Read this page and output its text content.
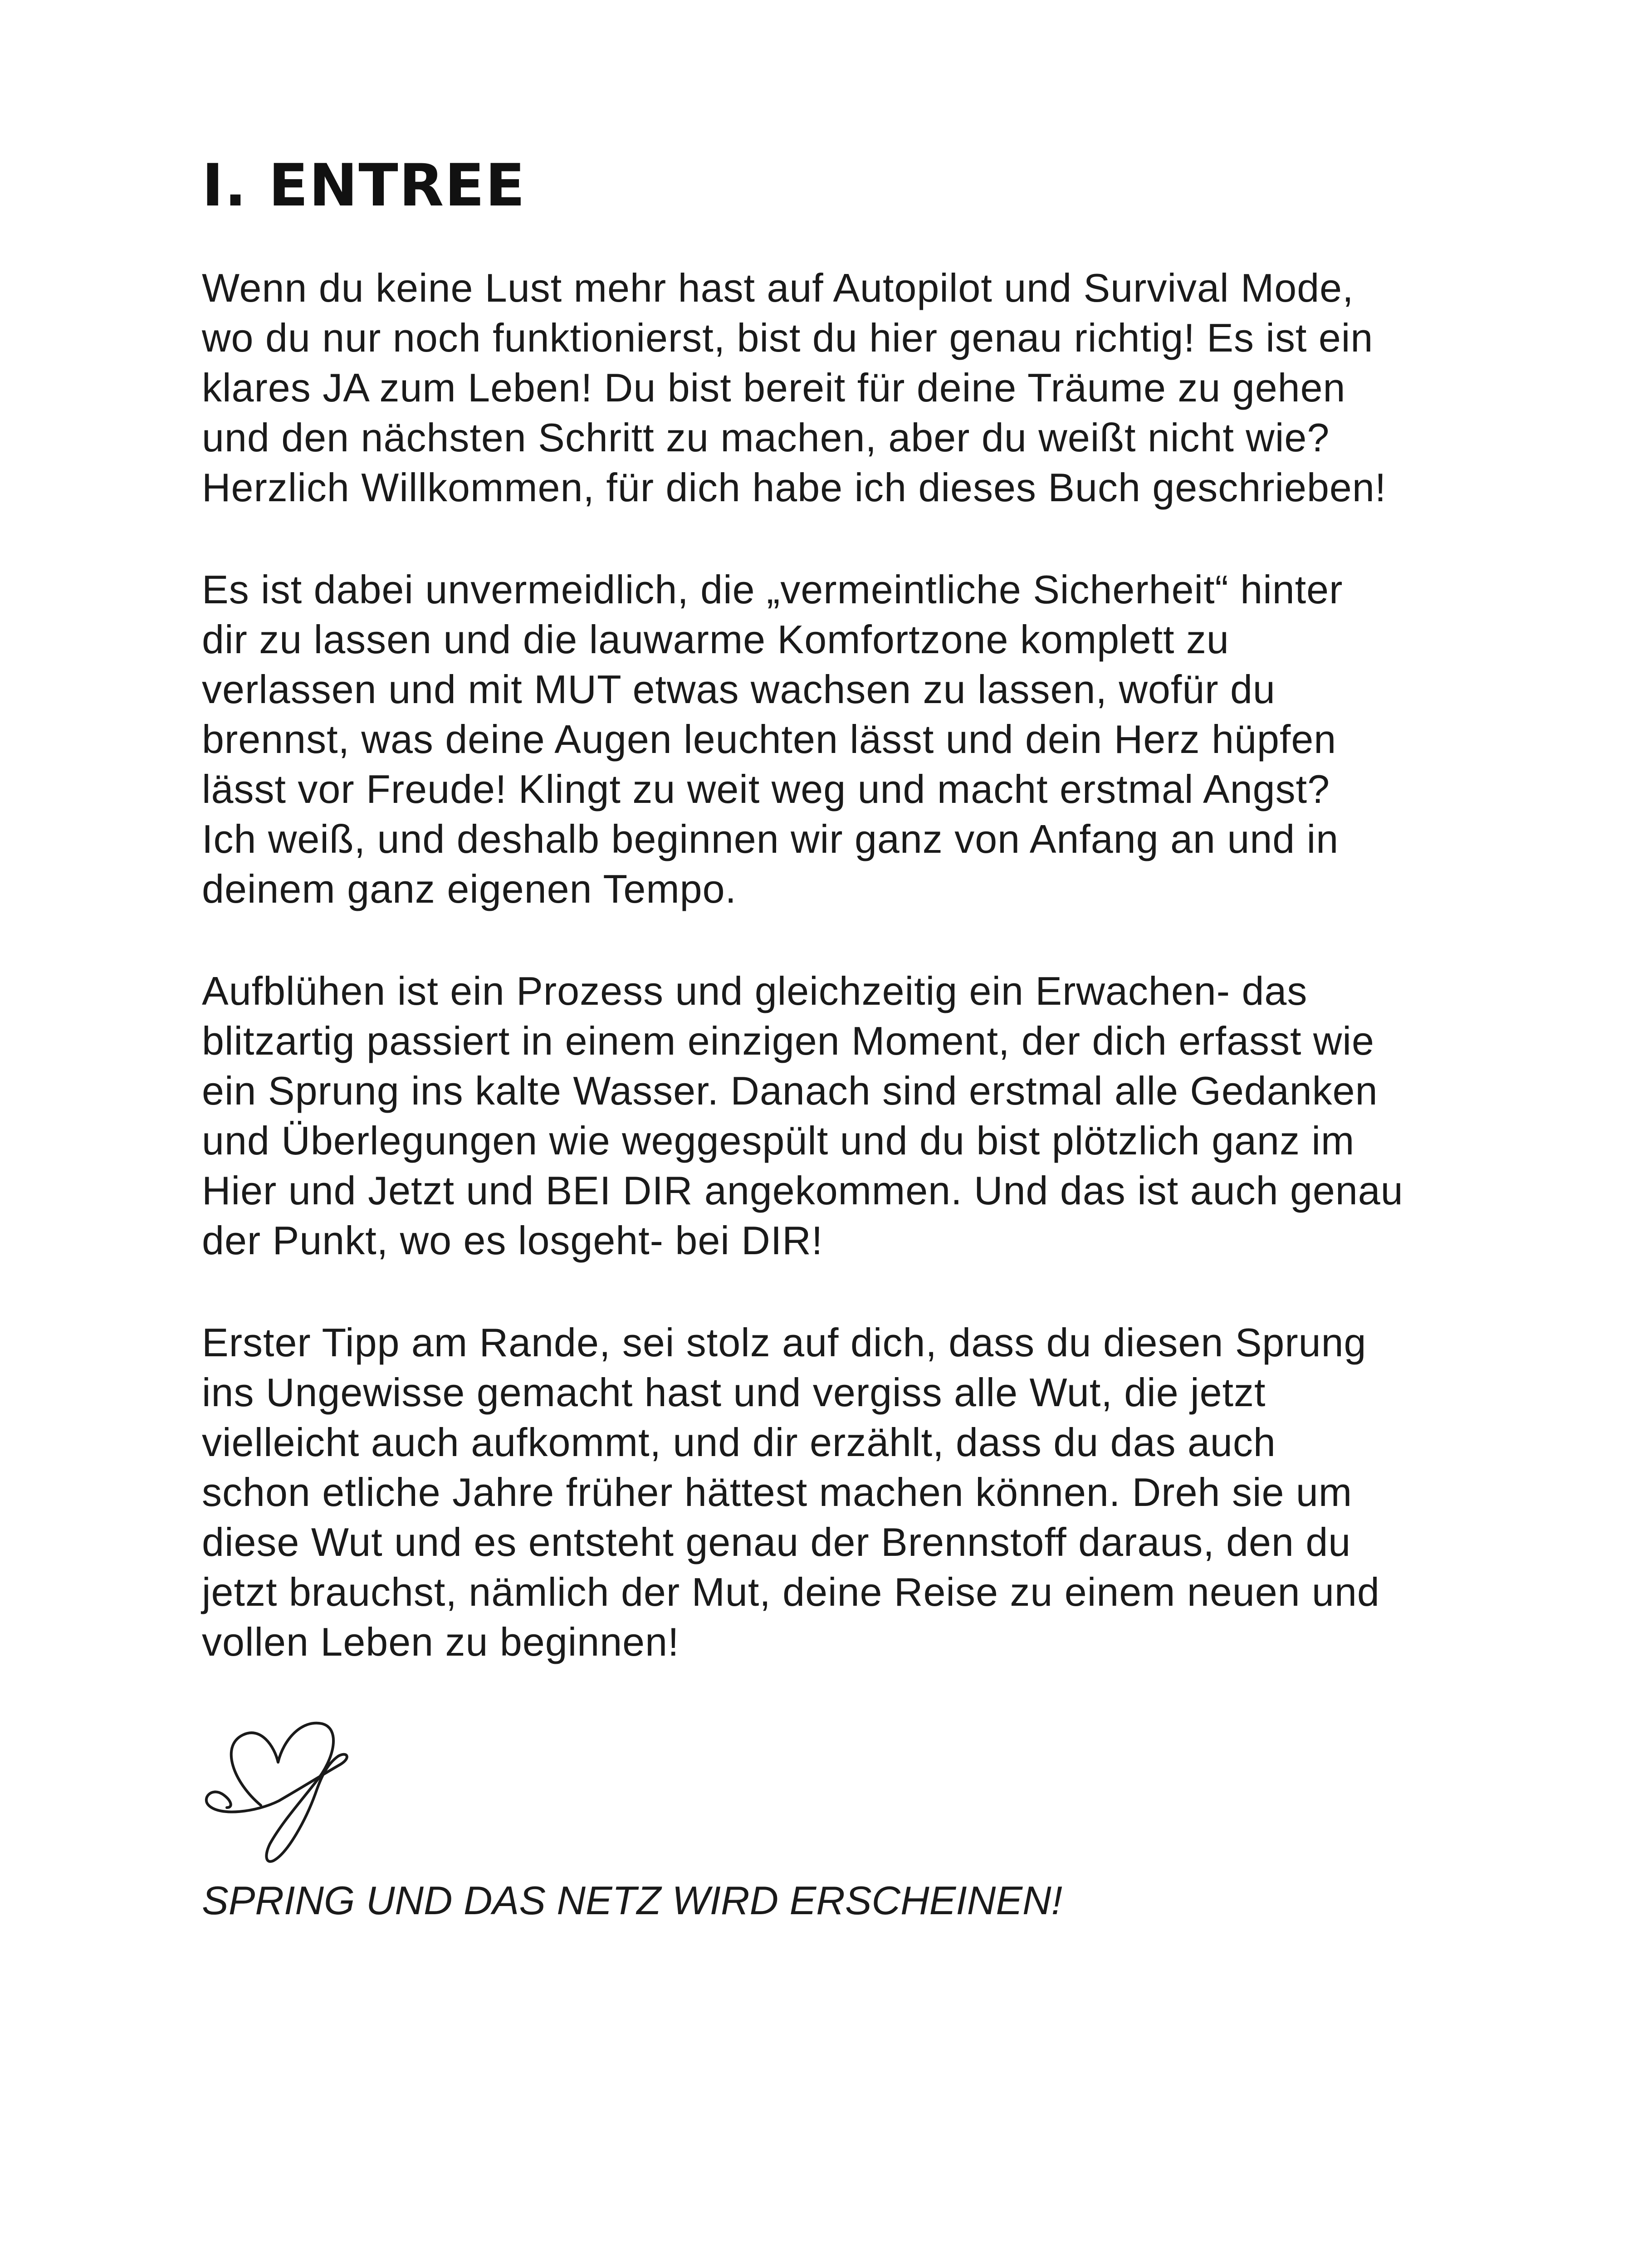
I. ENTREE
Wenn du keine Lust mehr hast auf Autopilot und Survival Mode,
wo du nur noch funktionierst, bist du hier genau richtig! Es ist ein
klares JA zum Leben! Du bist bereit für deine Träume zu gehen
und den nächsten Schritt zu machen, aber du weißt nicht wie?
Herzlich Willkommen, für dich habe ich dieses Buch geschrieben!
Es ist dabei unvermeidlich, die „vermeintliche Sicherheit“ hinter
dir zu lassen und die lauwarme Komfortzone komplett zu
verlassen und mit MUT etwas wachsen zu lassen, wofür du
brennst, was deine Augen leuchten lässt und dein Herz hüpfen
lässt vor Freude! Klingt zu weit weg und macht erstmal Angst?
Ich weiß, und deshalb beginnen wir ganz von Anfang an und in
deinem ganz eigenen Tempo.
Aufblühen ist ein Prozess und gleichzeitig ein Erwachen- das
blitzartig passiert in einem einzigen Moment, der dich erfasst wie
ein Sprung ins kalte Wasser. Danach sind erstmal alle Gedanken
und Überlegungen wie weggespült und du bist plötzlich ganz im
Hier und Jetzt und BEI DIR angekommen. Und das ist auch genau
der Punkt, wo es losgeht- bei DIR!
Erster Tipp am Rande, sei stolz auf dich, dass du diesen Sprung
ins Ungewisse gemacht hast und vergiss alle Wut, die jetzt
vielleicht auch aufkommt, und dir erzählt, dass du das auch
schon etliche Jahre früher hättest machen können. Dreh sie um
diese Wut und es entsteht genau der Brennstoff daraus, den du
jetzt brauchst, nämlich der Mut, deine Reise zu einem neuen und
vollen Leben zu beginnen!

SPRING UND DAS NETZ WIRD ERSCHEINEN!
